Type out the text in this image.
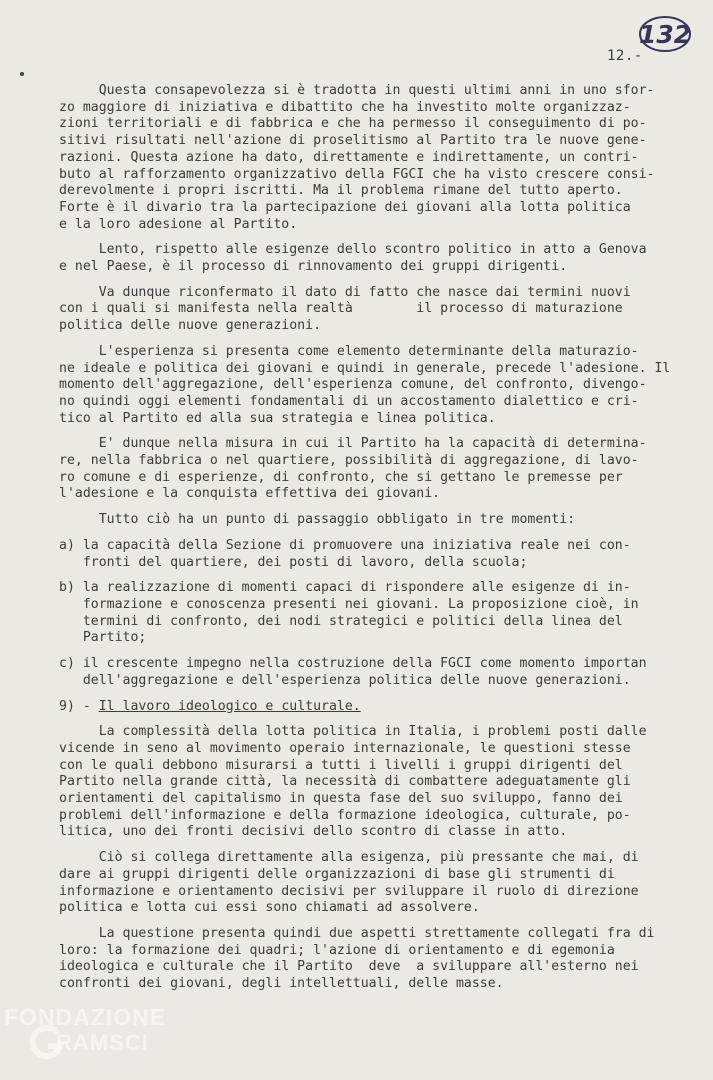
132
12.-
Questa consapevolezza si è tradotta in questi ultimi anni in uno sfor-
zo maggiore di iniziativa e dibattito che ha investito molte organizzaz-
zioni territoriali e di fabbrica e che ha permesso il conseguimento di po-
sitivi risultati nell'azione di proselitismo al Partito tra le nuove gene-
razioni. Questa azione ha dato, direttamente e indirettamente, un contri-
buto al rafforzamento organizzativo della FGCI che ha visto crescere consi-
derevolmente i propri iscritti. Ma il problema rimane del tutto aperto.
Forte è il divario tra la partecipazione dei giovani alla lotta politica
e la loro adesione al Partito.
Lento, rispetto alle esigenze dello scontro politico in atto a Genova
e nel Paese, è il processo di rinnovamento dei gruppi dirigenti.
Va dunque riconfermato il dato di fatto che nasce dai termini nuovi
con i quali si manifesta nella realtà        il processo di maturazione
politica delle nuove generazioni.
L'esperienza si presenta come elemento determinante della maturazio-
ne ideale e politica dei giovani e quindi in generale, precede l'adesione. Il
momento dell'aggregazione, dell'esperienza comune, del confronto, divengo-
no quindi oggi elementi fondamentali di un accostamento dialettico e cri-
tico al Partito ed alla sua strategia e linea politica.
E' dunque nella misura in cui il Partito ha la capacità di determina-
re, nella fabbrica o nel quartiere, possibilità di aggregazione, di lavo-
ro comune e di esperienze, di confronto, che si gettano le premesse per
l'adesione e la conquista effettiva dei giovani.
Tutto ciò ha un punto di passaggio obbligato in tre momenti:
a) la capacità della Sezione di promuovere una iniziativa reale nei con-
fronti del quartiere, dei posti di lavoro, della scuola;
b) la realizzazione di momenti capaci di rispondere alle esigenze di in-
formazione e conoscenza presenti nei giovani. La proposizione cioè, in
termini di confronto, dei nodi strategici e politici della linea del
Partito;
c) il crescente impegno nella costruzione della FGCI come momento importan
dell'aggregazione e dell'esperienza politica delle nuove generazioni.
9) - Il lavoro ideologico e culturale.
La complessità della lotta politica in Italia, i problemi posti dalle
vicende in seno al movimento operaio internazionale, le questioni stesse
con le quali debbono misurarsi a tutti i livelli i gruppi dirigenti del
Partito nella grande città, la necessità di combattere adeguatamente gli
orientamenti del capitalismo in questa fase del suo sviluppo, fanno dei
problemi dell'informazione e della formazione ideologica, culturale, po-
litica, uno dei fronti decisivi dello scontro di classe in atto.
Ciò si collega direttamente alla esigenza, più pressante che mai, di
dare ai gruppi dirigenti delle organizzazioni di base gli strumenti di
informazione e orientamento decisivi per sviluppare il ruolo di direzione
politica e lotta cui essi sono chiamati ad assolvere.
La questione presenta quindi due aspetti strettamente collegati fra di
loro: la formazione dei quadri; l'azione di orientamento e di egemonia
ideologica e culturale che il Partito  deve  a sviluppare all'esterno nei
confronti dei giovani, degli intellettuali, delle masse.
FONDAZIONE
RAMSCI
